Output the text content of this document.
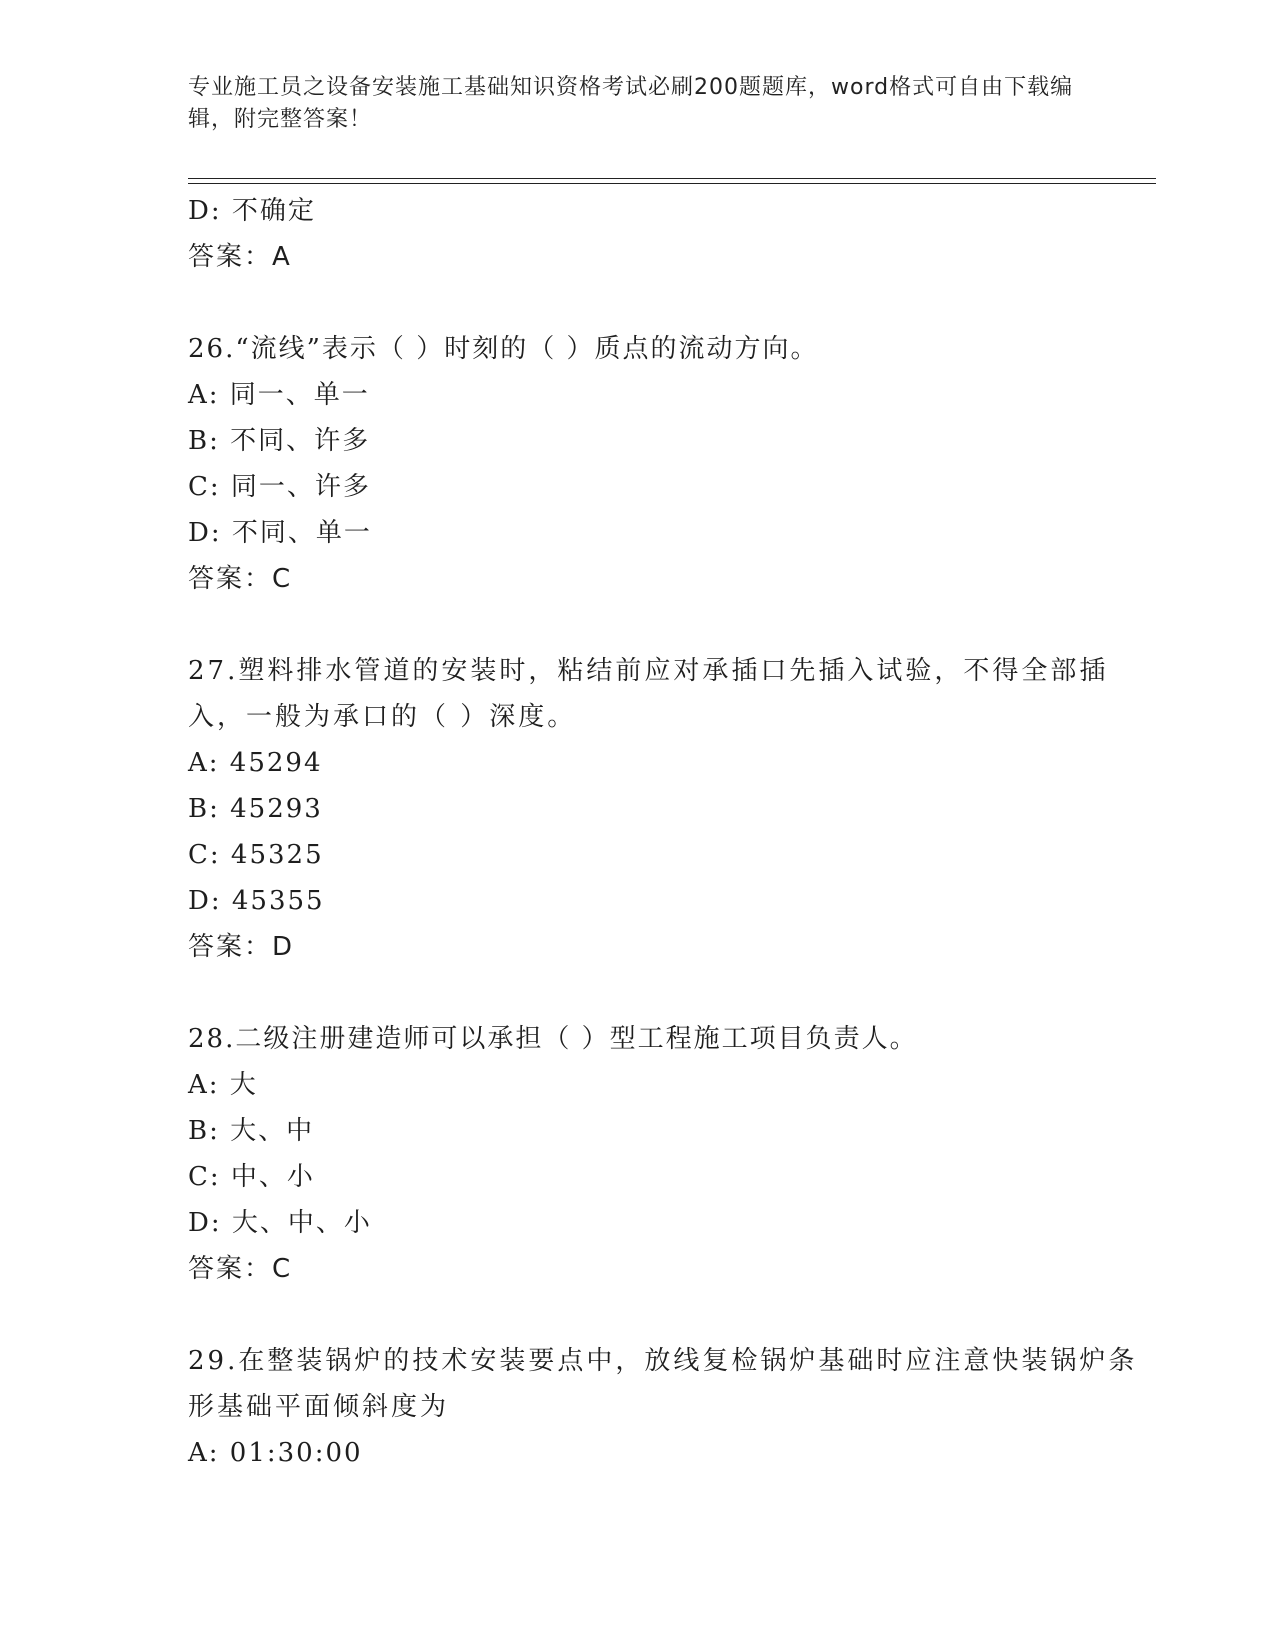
专业施工员之设备安装施工基础知识资格考试必刷200题题库，word格式可自由下载编辑，附完整答案！
D: 不确定
答案：A
26.“流线”表示（ ）时刻的（ ）质点的流动方向。
A: 同一、单一
B: 不同、许多
C: 同一、许多
D: 不同、单一
答案：C
27.塑料排水管道的安装时，粘结前应对承插口先插入试验，不得全部插入，一般为承口的（ ）深度。
A: 45294
B: 45293
C: 45325
D: 45355
答案：D
28.二级注册建造师可以承担（ ）型工程施工项目负责人。
A: 大
B: 大、中
C: 中、小
D: 大、中、小
答案：C
29.在整装锅炉的技术安装要点中，放线复检锅炉基础时应注意快装锅炉条形基础平面倾斜度为
A: 01:30:00
